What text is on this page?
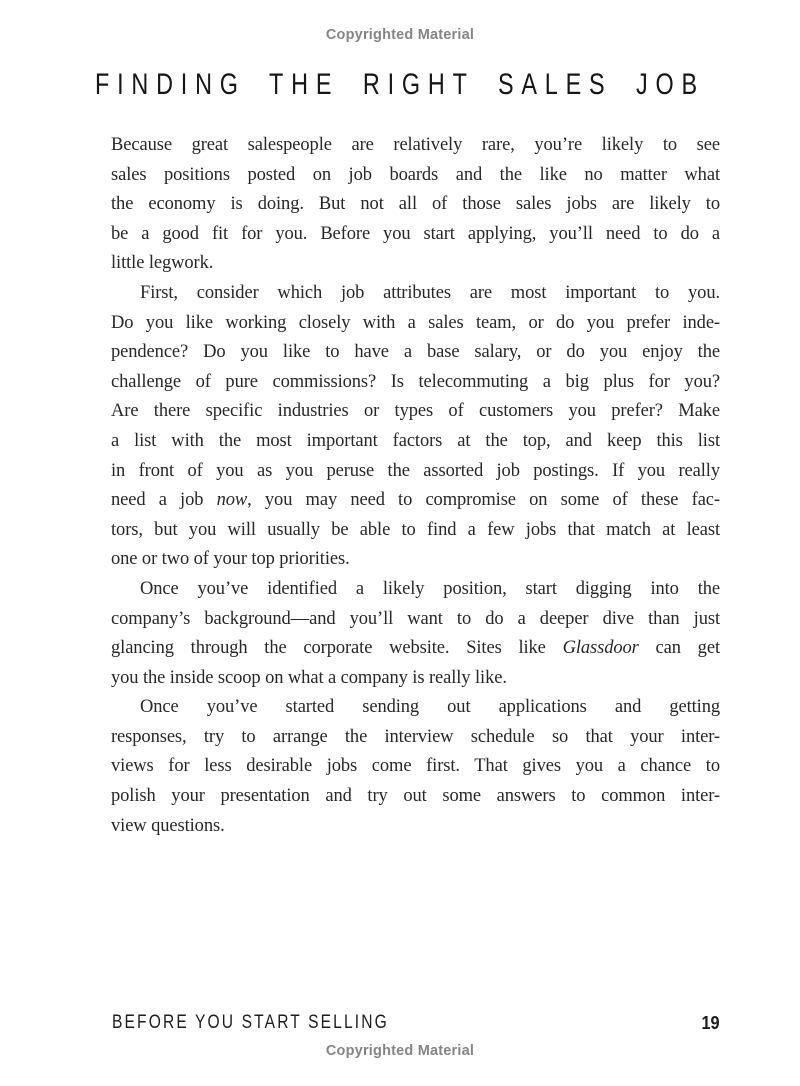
Copyrighted Material
FINDING THE RIGHT SALES JOB
Because great salespeople are relatively rare, you’re likely to see
sales positions posted on job boards and the like no matter what
the economy is doing. But not all of those sales jobs are likely to
be a good fit for you. Before you start applying, you’ll need to do a
little legwork.
First, consider which job attributes are most important to you.
Do you like working closely with a sales team, or do you prefer inde-
pendence? Do you like to have a base salary, or do you enjoy the
challenge of pure commissions? Is telecommuting a big plus for you?
Are there specific industries or types of customers you prefer? Make
a list with the most important factors at the top, and keep this list
in front of you as you peruse the assorted job postings. If you really
need a job now, you may need to compromise on some of these fac-
tors, but you will usually be able to find a few jobs that match at least
one or two of your top priorities.
Once you’ve identified a likely position, start digging into the
company’s background—and you’ll want to do a deeper dive than just
glancing through the corporate website. Sites like Glassdoor can get
you the inside scoop on what a company is really like.
Once you’ve started sending out applications and getting
responses, try to arrange the interview schedule so that your inter-
views for less desirable jobs come first. That gives you a chance to
polish your presentation and try out some answers to common inter-
view questions.
BEFORE YOU START SELLING	19
Copyrighted Material
